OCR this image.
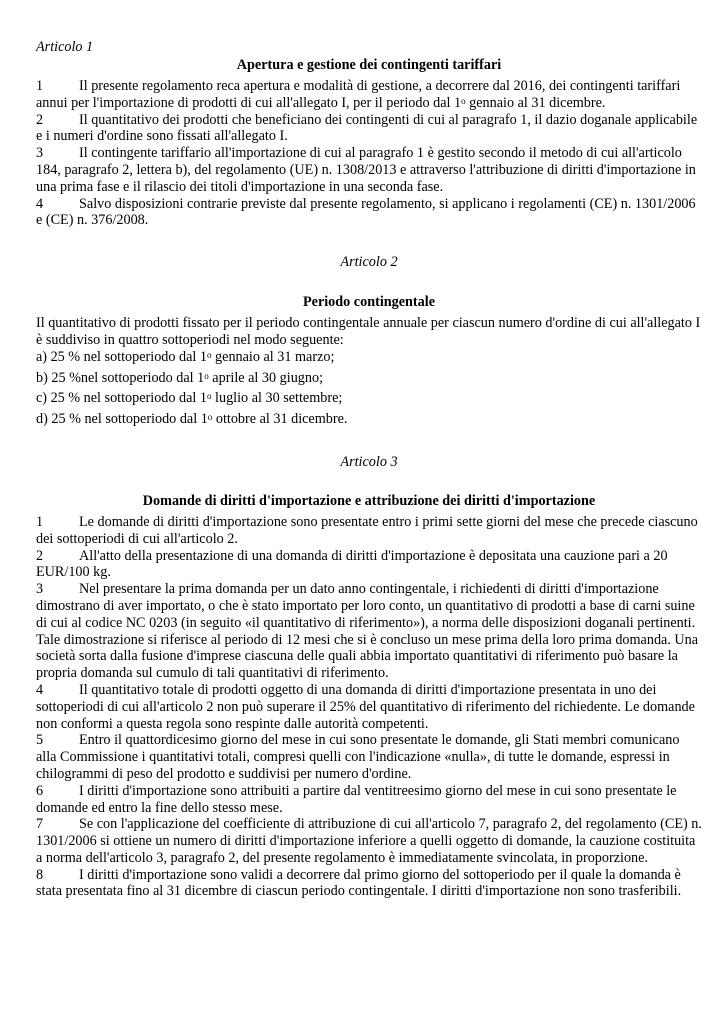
Articolo 1
Apertura e gestione dei contingenti tariffari

1	Il presente regolamento reca apertura e modalità di gestione, a decorrere dal 2016, dei contingenti tariffari annui per l'importazione di prodotti di cui all'allegato I, per il periodo dal 1$^o$ gennaio al 31 dicembre.

2	Il quantitativo dei prodotti che beneficiano dei contingenti di cui al paragrafo 1, il dazio doganale applicabile e i numeri d'ordine sono fissati all'allegato I.

3	Il contingente tariffario all'importazione di cui al paragrafo 1 è gestito secondo il metodo di cui all'articolo 184, paragrafo 2, lettera b), del regolamento (UE) n. 1308/2013 e attraverso l'attribuzione di diritti d'importazione in una prima fase e il rilascio dei titoli d'importazione in una seconda fase.

4	Salvo disposizioni contrarie previste dal presente regolamento, si applicano i regolamenti (CE) n. 1301/2006 e (CE) n. 376/2008.

Articolo 2
Periodo contingentale

Il quantitativo di prodotti fissato per il periodo contingentale annuale per ciascun numero d'ordine di cui all'allegato I è suddiviso in quattro sottoperiodi nel modo seguente:

a) 25 % nel sottoperiodo dal 1$^o$ gennaio al 31 marzo;

b) 25 %nel sottoperiodo dal 1$^o$ aprile al 30 giugno;

c) 25 % nel sottoperiodo dal 1$^o$ luglio al 30 settembre;

d) 25 % nel sottoperiodo dal 1$^o$ ottobre al 31 dicembre.

Articolo 3
Domande di diritti d'importazione e attribuzione dei diritti d'importazione

1	Le domande di diritti d'importazione sono presentate entro i primi sette giorni del mese che precede ciascuno dei sottoperiodi di cui all'articolo 2.

2	All'atto della presentazione di una domanda di diritti d'importazione è depositata una cauzione pari a 20 EUR/100 kg.

3	Nel presentare la prima domanda per un dato anno contingentale, i richiedenti di diritti d'importazione dimostrano di aver importato, o che è stato importato per loro conto, un quantitativo di prodotti a base di carni suine di cui al codice NC 0203 (in seguito «il quantitativo di riferimento»), a norma delle disposizioni doganali pertinenti. Tale dimostrazione si riferisce al periodo di 12 mesi che si è concluso un mese prima della loro prima domanda. Una società sorta dalla fusione d'imprese ciascuna delle quali abbia importato quantitativi di riferimento può basare la propria domanda sul cumulo di tali quantitativi di riferimento.

4	Il quantitativo totale di prodotti oggetto di una domanda di diritti d'importazione presentata in uno dei sottoperiodi di cui all'articolo 2 non può superare il 25% del quantitativo di riferimento del richiedente. Le domande non conformi a questa regola sono respinte dalle autorità competenti.

5	Entro il quattordicesimo giorno del mese in cui sono presentate le domande, gli Stati membri comunicano alla Commissione i quantitativi totali, compresi quelli con l'indicazione «nulla», di tutte le domande, espressi in chilogrammi di peso del prodotto e suddivisi per numero d'ordine.

6	I diritti d'importazione sono attribuiti a partire dal ventitreesimo giorno del mese in cui sono presentate le domande ed entro la fine dello stesso mese.

7	Se con l'applicazione del coefficiente di attribuzione di cui all'articolo 7, paragrafo 2, del regolamento (CE) n. 1301/2006 si ottiene un numero di diritti d'importazione inferiore a quelli oggetto di domande, la cauzione costituita a norma dell'articolo 3, paragrafo 2, del presente regolamento è immediatamente svincolata, in proporzione.

8	I diritti d'importazione sono validi a decorrere dal primo giorno del sottoperiodo per il quale la domanda è stata presentata fino al 31 dicembre di ciascun periodo contingentale. I diritti d'importazione non sono trasferibili.
